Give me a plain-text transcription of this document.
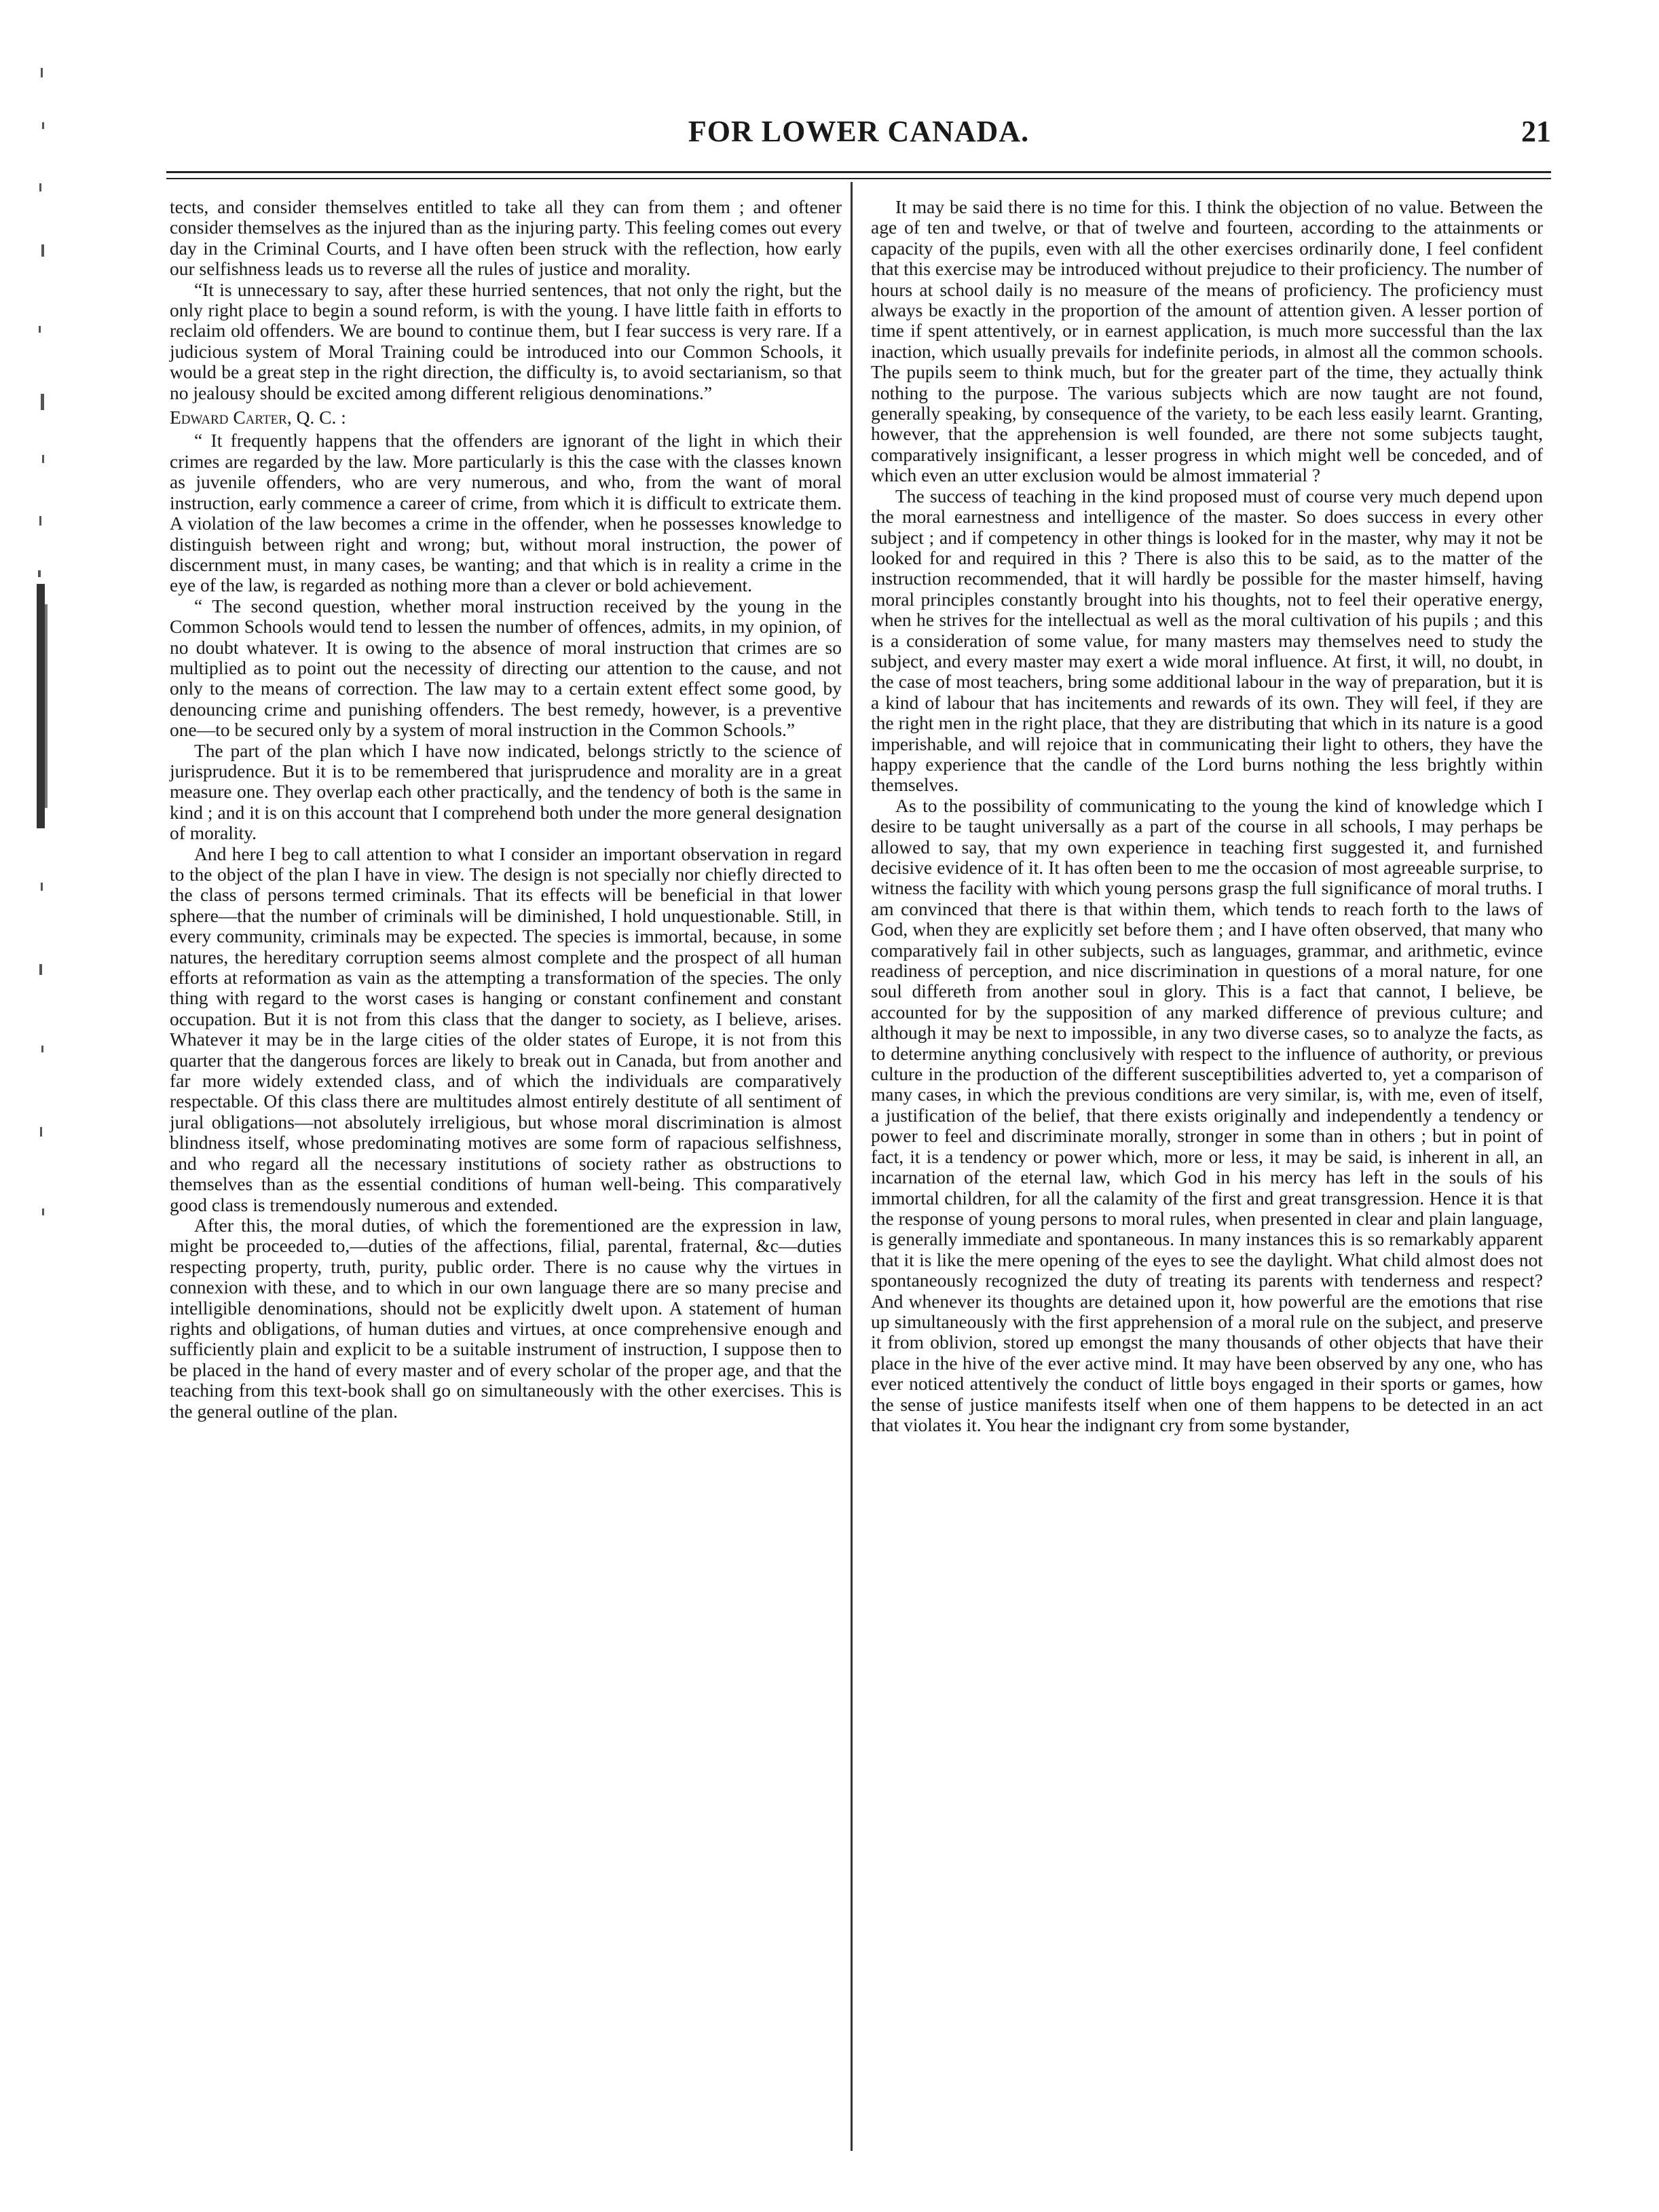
FOR LOWER CANADA.	21

tects, and consider themselves entitled to take all they can from them ; and oftener consider themselves as the injured than as the injuring party. This feeling comes out every day in the Criminal Courts, and I have often been struck with the reflection, how early our selfishness leads us to reverse all the rules of justice and morality.

“It is unnecessary to say, after these hurried sentences, that not only the right, but the only right place to begin a sound reform, is with the young. I have little faith in efforts to reclaim old offenders. We are bound to continue them, but I fear success is very rare. If a judicious system of Moral Training could be introduced into our Common Schools, it would be a great step in the right direction, the difficulty is, to avoid sectarianism, so that no jealousy should be excited among different religious denominations.”

Edward Carter, Q. C. :

“ It frequently happens that the offenders are ignorant of the light in which their crimes are regarded by the law. More particularly is this the case with the classes known as juvenile offenders, who are very numerous, and who, from the want of moral instruction, early commence a career of crime, from which it is difficult to extricate them. A violation of the law becomes a crime in the offender, when he possesses knowledge to distinguish between right and wrong; but, without moral instruction, the power of discernment must, in many cases, be wanting; and that which is in reality a crime in the eye of the law, is regarded as nothing more than a clever or bold achievement.

“ The second question, whether moral instruction received by the young in the Common Schools would tend to lessen the number of offences, admits, in my opinion, of no doubt whatever. It is owing to the absence of moral instruction that crimes are so multiplied as to point out the necessity of directing our attention to the cause, and not only to the means of correction. The law may to a certain extent effect some good, by denouncing crime and punishing offenders. The best remedy, however, is a preventive one—to be secured only by a system of moral instruction in the Common Schools.”

The part of the plan which I have now indicated, belongs strictly to the science of jurisprudence. But it is to be remembered that jurisprudence and morality are in a great measure one. They overlap each other practically, and the tendency of both is the same in kind ; and it is on this account that I comprehend both under the more general designation of morality.

And here I beg to call attention to what I consider an important observation in regard to the object of the plan I have in view. The design is not specially nor chiefly directed to the class of persons termed criminals. That its effects will be beneficial in that lower sphere—that the number of criminals will be diminished, I hold unquestionable. Still, in every community, criminals may be expected. The species is immortal, because, in some natures, the hereditary corruption seems almost complete and the prospect of all human efforts at reformation as vain as the attempting a transformation of the species. The only thing with regard to the worst cases is hanging or constant confinement and constant occupation. But it is not from this class that the danger to society, as I believe, arises. Whatever it may be in the large cities of the older states of Europe, it is not from this quarter that the dangerous forces are likely to break out in Canada, but from another and far more widely extended class, and of which the individuals are comparatively respectable. Of this class there are multitudes almost entirely destitute of all sentiment of jural obligations—not absolutely irreligious, but whose moral discrimination is almost blindness itself, whose predominating motives are some form of rapacious selfishness, and who regard all the necessary institutions of society rather as obstructions to themselves than as the essential conditions of human well-being. This comparatively good class is tremendously numerous and extended.

After this, the moral duties, of which the forementioned are the expression in law, might be proceeded to,—duties of the affections, filial, parental, fraternal, &c—duties respecting property, truth, purity, public order. There is no cause why the virtues in connexion with these, and to which in our own language there are so many precise and intelligible denominations, should not be explicitly dwelt upon. A statement of human rights and obligations, of human duties and virtues, at once comprehensive enough and sufficiently plain and explicit to be a suitable instrument of instruction, I suppose then to be placed in the hand of every master and of every scholar of the proper age, and that the teaching from this text-book shall go on simultaneously with the other exercises. This is the general outline of the plan.

It may be said there is no time for this. I think the objection of no value. Between the age of ten and twelve, or that of twelve and fourteen, according to the attainments or capacity of the pupils, even with all the other exercises ordinarily done, I feel confident that this exercise may be introduced without prejudice to their proficiency. The number of hours at school daily is no measure of the means of proficiency. The proficiency must always be exactly in the proportion of the amount of attention given. A lesser portion of time if spent attentively, or in earnest application, is much more successful than the lax inaction, which usually prevails for indefinite periods, in almost all the common schools. The pupils seem to think much, but for the greater part of the time, they actually think nothing to the purpose. The various subjects which are now taught are not found, generally speaking, by consequence of the variety, to be each less easily learnt. Granting, however, that the apprehension is well founded, are there not some subjects taught, comparatively insignificant, a lesser progress in which might well be conceded, and of which even an utter exclusion would be almost immaterial ?

The success of teaching in the kind proposed must of course very much depend upon the moral earnestness and intelligence of the master. So does success in every other subject ; and if competency in other things is looked for in the master, why may it not be looked for and required in this ? There is also this to be said, as to the matter of the instruction recommended, that it will hardly be possible for the master himself, having moral principles constantly brought into his thoughts, not to feel their operative energy, when he strives for the intellectual as well as the moral cultivation of his pupils ; and this is a consideration of some value, for many masters may themselves need to study the subject, and every master may exert a wide moral influence. At first, it will, no doubt, in the case of most teachers, bring some additional labour in the way of preparation, but it is a kind of labour that has incitements and rewards of its own. They will feel, if they are the right men in the right place, that they are distributing that which in its nature is a good imperishable, and will rejoice that in communicating their light to others, they have the happy experience that the candle of the Lord burns nothing the less brightly within themselves.

As to the possibility of communicating to the young the kind of knowledge which I desire to be taught universally as a part of the course in all schools, I may perhaps be allowed to say, that my own experience in teaching first suggested it, and furnished decisive evidence of it. It has often been to me the occasion of most agreeable surprise, to witness the facility with which young persons grasp the full significance of moral truths. I am convinced that there is that within them, which tends to reach forth to the laws of God, when they are explicitly set before them ; and I have often observed, that many who comparatively fail in other subjects, such as languages, grammar, and arithmetic, evince readiness of perception, and nice discrimination in questions of a moral nature, for one soul differeth from another soul in glory. This is a fact that cannot, I believe, be accounted for by the supposition of any marked difference of previous culture; and although it may be next to impossible, in any two diverse cases, so to analyze the facts, as to determine anything conclusively with respect to the influence of authority, or previous culture in the production of the different susceptibilities adverted to, yet a comparison of many cases, in which the previous conditions are very similar, is, with me, even of itself, a justification of the belief, that there exists originally and independently a tendency or power to feel and discriminate morally, stronger in some than in others ; but in point of fact, it is a tendency or power which, more or less, it may be said, is inherent in all, an incarnation of the eternal law, which God in his mercy has left in the souls of his immortal children, for all the calamity of the first and great transgression. Hence it is that the response of young persons to moral rules, when presented in clear and plain language, is generally immediate and spontaneous. In many instances this is so remarkably apparent that it is like the mere opening of the eyes to see the daylight. What child almost does not spontaneously recognized the duty of treating its parents with tenderness and respect? And whenever its thoughts are detained upon it, how powerful are the emotions that rise up simultaneously with the first apprehension of a moral rule on the subject, and preserve it from oblivion, stored up emongst the many thousands of other objects that have their place in the hive of the ever active mind. It may have been observed by any one, who has ever noticed attentively the conduct of little boys engaged in their sports or games, how the sense of justice manifests itself when one of them happens to be detected in an act that violates it. You hear the indignant cry from some bystander,
